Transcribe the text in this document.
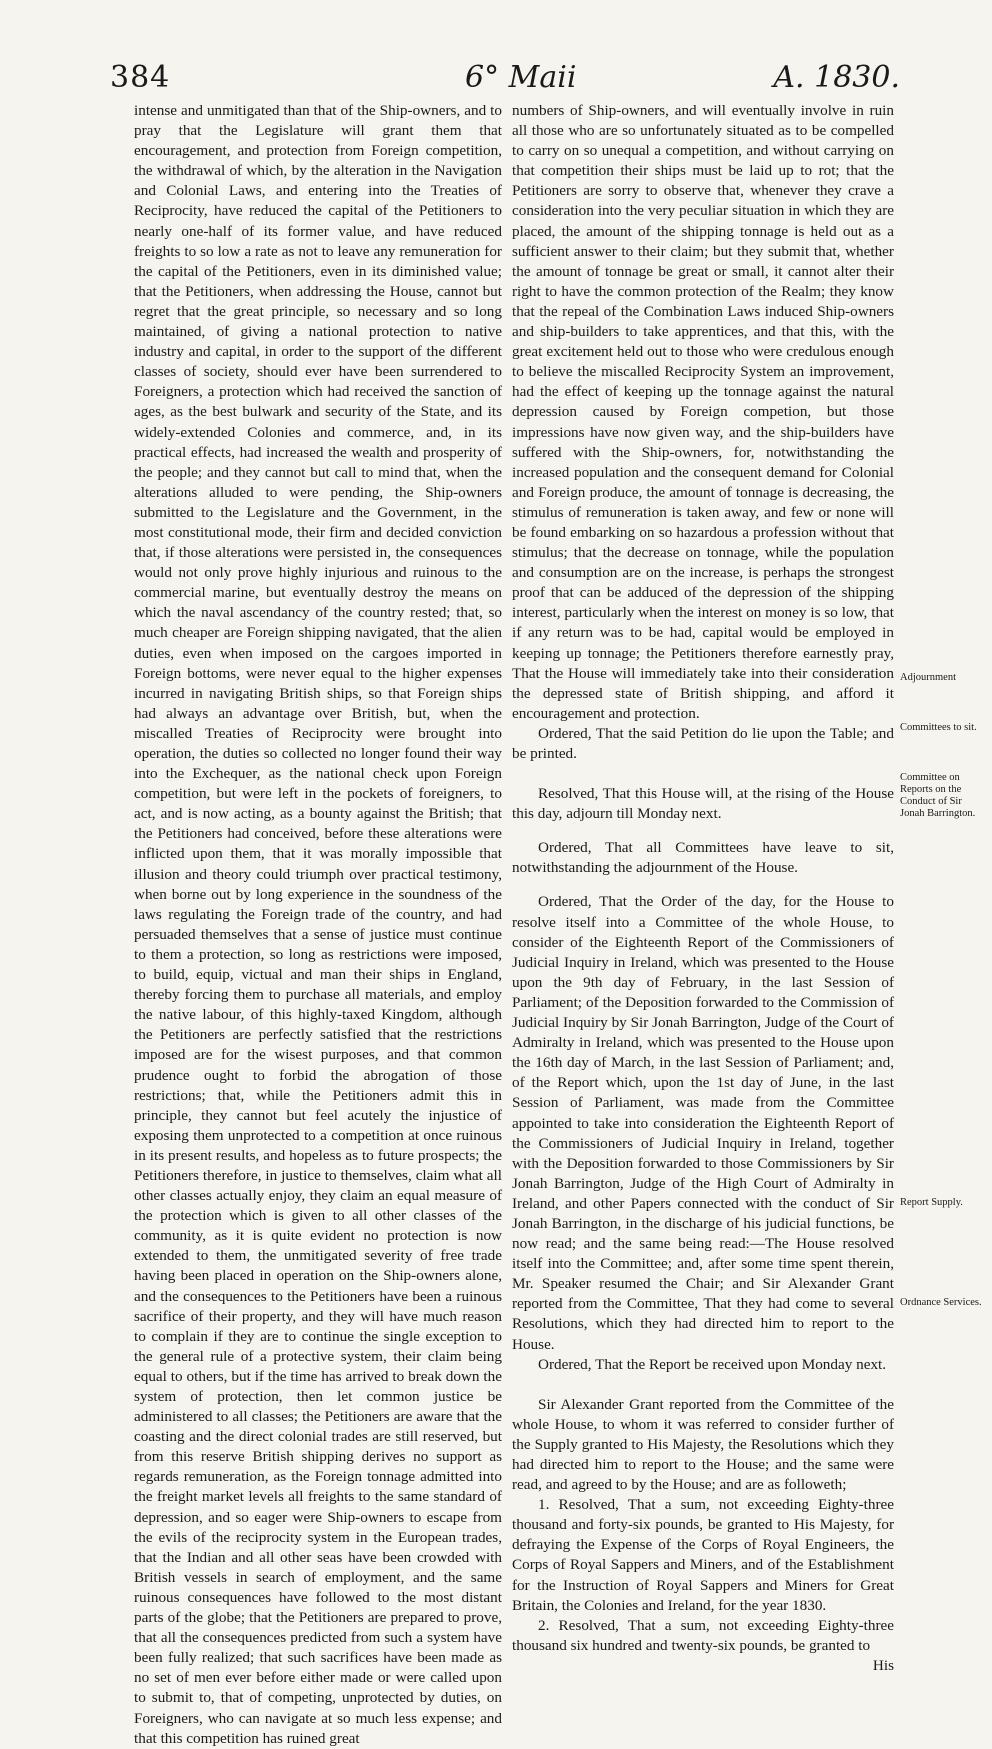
384	6° Maii	A. 1830.

intense and unmitigated than that of the Ship-owners, and to pray that the Legislature will grant them that encouragement, and protection from Foreign competition, the withdrawal of which, by the alteration in the Navigation and Colonial Laws, and entering into the Treaties of Reciprocity, have reduced the capital of the Petitioners to nearly one-half of its former value, and have reduced freights to so low a rate as not to leave any remuneration for the capital of the Petitioners, even in its diminished value; that the Petitioners, when addressing the House, cannot but regret that the great principle, so necessary and so long maintained, of giving a national protection to native industry and capital, in order to the support of the different classes of society, should ever have been surrendered to Foreigners, a protection which had received the sanction of ages, as the best bulwark and security of the State, and its widely-extended Colonies and commerce, and, in its practical effects, had increased the wealth and prosperity of the people; and they cannot but call to mind that, when the alterations alluded to were pending, the Ship-owners submitted to the Legislature and the Government, in the most constitutional mode, their firm and decided conviction that, if those alterations were persisted in, the consequences would not only prove highly injurious and ruinous to the commercial marine, but eventually destroy the means on which the naval ascendancy of the country rested; that, so much cheaper are Foreign shipping navigated, that the alien duties, even when imposed on the cargoes imported in Foreign bottoms, were never equal to the higher expenses incurred in navigating British ships, so that Foreign ships had always an advantage over British, but, when the miscalled Treaties of Reciprocity were brought into operation, the duties so collected no longer found their way into the Exchequer, as the national check upon Foreign competition, but were left in the pockets of foreigners, to act, and is now acting, as a bounty against the British; that the Petitioners had conceived, before these alterations were inflicted upon them, that it was morally impossible that illusion and theory could triumph over practical testimony, when borne out by long experience in the soundness of the laws regulating the Foreign trade of the country, and had persuaded themselves that a sense of justice must continue to them a protection, so long as restrictions were imposed, to build, equip, victual and man their ships in England, thereby forcing them to purchase all materials, and employ the native labour, of this highly-taxed Kingdom, although the Petitioners are perfectly satisfied that the restrictions imposed are for the wisest purposes, and that common prudence ought to forbid the abrogation of those restrictions; that, while the Petitioners admit this in principle, they cannot but feel acutely the injustice of exposing them unprotected to a competition at once ruinous in its present results, and hopeless as to future prospects; the Petitioners therefore, in justice to themselves, claim what all other classes actually enjoy, they claim an equal measure of the protection which is given to all other classes of the community, as it is quite evident no protection is now extended to them, the unmitigated severity of free trade having been placed in operation on the Ship-owners alone, and the consequences to the Petitioners have been a ruinous sacrifice of their property, and they will have much reason to complain if they are to continue the single exception to the general rule of a protective system, their claim being equal to others, but if the time has arrived to break down the system of protection, then let common justice be administered to all classes; the Petitioners are aware that the coasting and the direct colonial trades are still reserved, but from this reserve British shipping derives no support as regards remuneration, as the Foreign tonnage admitted into the freight market levels all freights to the same standard of depression, and so eager were Ship-owners to escape from the evils of the reciprocity system in the European trades, that the Indian and all other seas have been crowded with British vessels in search of employment, and the same ruinous consequences have followed to the most distant parts of the globe; that the Petitioners are prepared to prove, that all the consequences predicted from such a system have been fully realized; that such sacrifices have been made as no set of men ever before either made or were called upon to submit to, that of competing, unprotected by duties, on Foreigners, who can navigate at so much less expense; and that this competition has ruined great

numbers of Ship-owners, and will eventually involve in ruin all those who are so unfortunately situated as to be compelled to carry on so unequal a competition, and without carrying on that competition their ships must be laid up to rot; that the Petitioners are sorry to observe that, whenever they crave a consideration into the very peculiar situation in which they are placed, the amount of the shipping tonnage is held out as a sufficient answer to their claim; but they submit that, whether the amount of tonnage be great or small, it cannot alter their right to have the common protection of the Realm; they know that the repeal of the Combination Laws induced Ship-owners and ship-builders to take apprentices, and that this, with the great excitement held out to those who were credulous enough to believe the miscalled Reciprocity System an improvement, had the effect of keeping up the tonnage against the natural depression caused by Foreign competion, but those impressions have now given way, and the ship-builders have suffered with the Ship-owners, for, notwithstanding the increased population and the consequent demand for Colonial and Foreign produce, the amount of tonnage is decreasing, the stimulus of remuneration is taken away, and few or none will be found embarking on so hazardous a profession without that stimulus; that the decrease on tonnage, while the population and consumption are on the increase, is perhaps the strongest proof that can be adduced of the depression of the shipping interest, particularly when the interest on money is so low, that if any return was to be had, capital would be employed in keeping up tonnage; the Petitioners therefore earnestly pray, That the House will immediately take into their consideration the depressed state of British shipping, and afford it encouragement and protection.

Ordered, That the said Petition do lie upon the Table; and be printed.

Resolved, That this House will, at the rising of the House this day, adjourn till Monday next.

Ordered, That all Committees have leave to sit, notwithstanding the adjournment of the House.

Ordered, That the Order of the day, for the House to resolve itself into a Committee of the whole House, to consider of the Eighteenth Report of the Commissioners of Judicial Inquiry in Ireland, which was presented to the House upon the 9th day of February, in the last Session of Parliament; of the Deposition forwarded to the Commission of Judicial Inquiry by Sir Jonah Barrington, Judge of the Court of Admiralty in Ireland, which was presented to the House upon the 16th day of March, in the last Session of Parliament; and, of the Report which, upon the 1st day of June, in the last Session of Parliament, was made from the Committee appointed to take into consideration the Eighteenth Report of the Commissioners of Judicial Inquiry in Ireland, together with the Deposition forwarded to those Commissioners by Sir Jonah Barrington, Judge of the High Court of Admiralty in Ireland, and other Papers connected with the conduct of Sir Jonah Barrington, in the discharge of his judicial functions, be now read; and the same being read:—The House resolved itself into the Committee; and, after some time spent therein, Mr. Speaker resumed the Chair; and Sir Alexander Grant reported from the Committee, That they had come to several Resolutions, which they had directed him to report to the House.

Ordered, That the Report be received upon Monday next.

Sir Alexander Grant reported from the Committee of the whole House, to whom it was referred to consider further of the Supply granted to His Majesty, the Resolutions which they had directed him to report to the House; and the same were read, and agreed to by the House; and are as followeth;

1. Resolved, That a sum, not exceeding Eighty-three thousand and forty-six pounds, be granted to His Majesty, for defraying the Expense of the Corps of Royal Engineers, the Corps of Royal Sappers and Miners, and of the Establishment for the Instruction of Royal Sappers and Miners for Great Britain, the Colonies and Ireland, for the year 1830.

2. Resolved, That a sum, not exceeding Eighty-three thousand six hundred and twenty-six pounds, be granted to

His

Adjournment
Committees to sit.
Committee on Reports on the Conduct of Sir Jonah Barrington.
Report Supply.
Ordnance Services.
